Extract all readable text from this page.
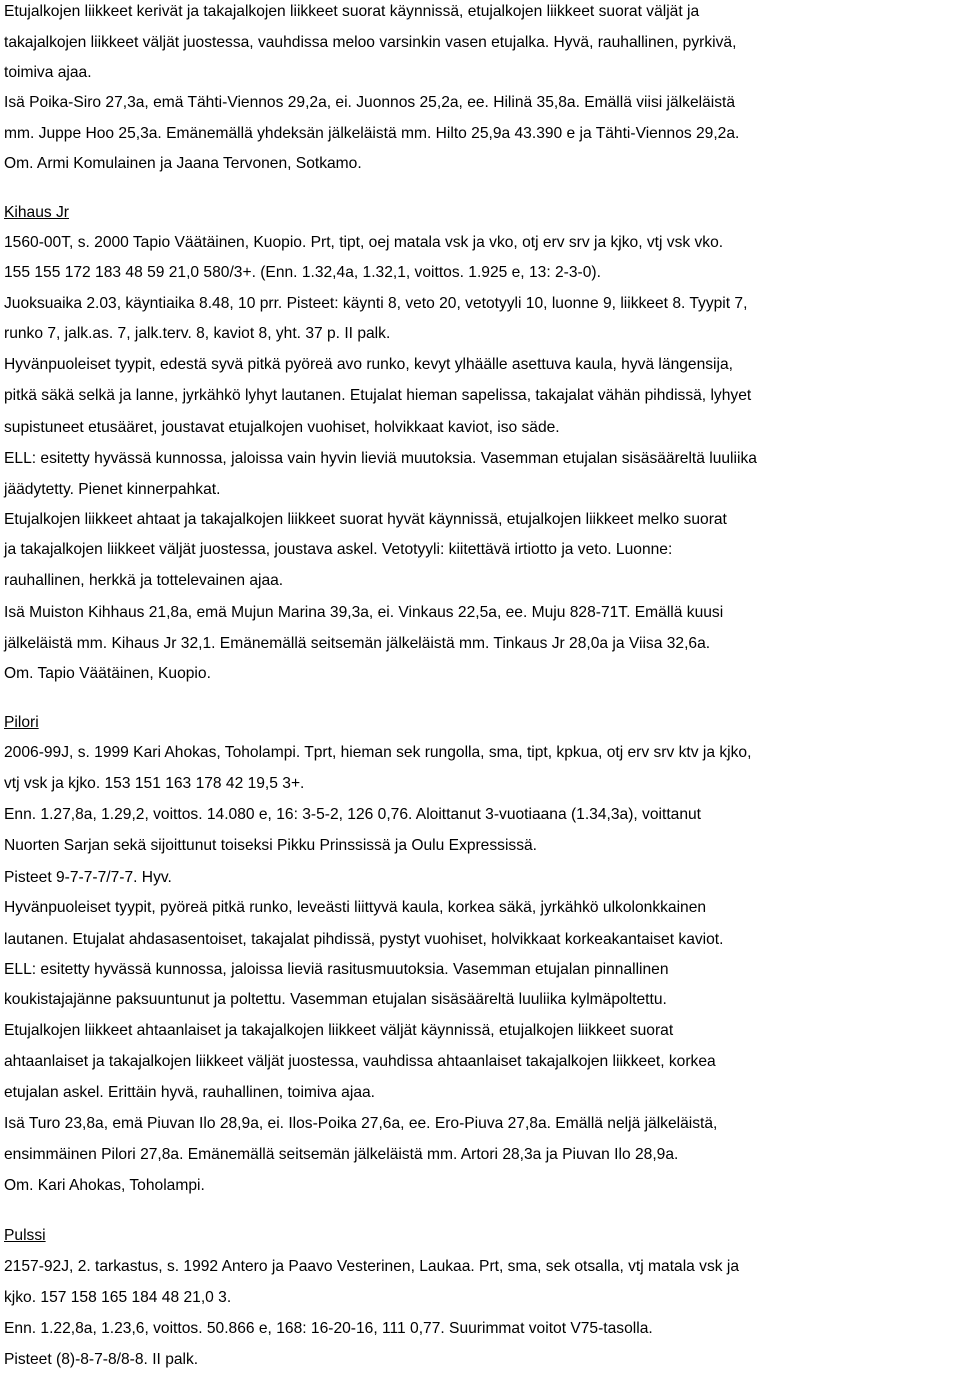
Etujalkojen liikkeet kerivät ja takajalkojen liikkeet suorat käynnissä, etujalkojen liikkeet suorat väljät ja
takajalkojen liikkeet väljät juostessa, vauhdissa meloo varsinkin vasen etujalka. Hyvä, rauhallinen, pyrkivä,
toimiva ajaa.
Isä Poika-Siro 27,3a, emä Tähti-Viennos 29,2a, ei. Juonnos 25,2a, ee. Hilinä 35,8a. Emällä viisi jälkeläistä
mm. Juppe Hoo 25,3a. Emänemällä yhdeksän jälkeläistä mm. Hilto 25,9a 43.390 e ja Tähti-Viennos 29,2a.
Om. Armi Komulainen ja Jaana Tervonen, Sotkamo.
Kihaus Jr
1560-00T, s. 2000 Tapio Väätäinen, Kuopio. Prt, tipt, oej matala vsk ja vko, otj erv srv ja kjko, vtj vsk vko.
155 155 172 183 48 59 21,0 580/3+. (Enn. 1.32,4a, 1.32,1, voittos. 1.925 e, 13: 2-3-0).
Juoksuaika 2.03, käyntiaika 8.48, 10 prr. Pisteet: käynti 8, veto 20, vetotyyli 10, luonne 9, liikkeet 8. Tyypit 7,
runko 7, jalk.as. 7, jalk.terv. 8, kaviot 8, yht. 37 p. II palk.
Hyvänpuoleiset tyypit, edestä syvä pitkä pyöreä avo runko, kevyt ylhäälle asettuva kaula, hyvä längensija,
pitkä säkä selkä ja lanne, jyrkähkö lyhyt lautanen. Etujalat hieman sapelissa, takajalat vähän pihdissä, lyhyet
supistuneet etusääret, joustavat etujalkojen vuohiset, holvikkaat kaviot, iso säde.
ELL: esitetty hyvässä kunnossa, jaloissa vain hyvin lieviä muutoksia. Vasemman etujalan sisäsääreltä luuliika
jäädytetty. Pienet kinnerpahkat.
Etujalkojen liikkeet ahtaat ja takajalkojen liikkeet suorat hyvät käynnissä, etujalkojen liikkeet melko suorat
ja takajalkojen liikkeet väljät juostessa, joustava askel. Vetotyyli: kiitettävä irtiotto ja veto. Luonne:
rauhallinen, herkkä ja tottelevainen ajaa.
Isä Muiston Kihhaus 21,8a, emä Mujun Marina 39,3a, ei. Vinkaus 22,5a, ee. Muju 828-71T. Emällä kuusi
jälkeläistä mm. Kihaus Jr 32,1. Emänemällä seitsemän jälkeläistä mm. Tinkaus Jr 28,0a ja Viisa 32,6a.
Om. Tapio Väätäinen, Kuopio.
Pilori
2006-99J, s. 1999 Kari Ahokas, Toholampi. Tprt, hieman sek rungolla, sma, tipt, kpkua, otj erv srv ktv ja kjko,
vtj vsk ja kjko. 153 151 163 178 42 19,5 3+.
Enn. 1.27,8a, 1.29,2, voittos. 14.080 e, 16: 3-5-2, 126 0,76. Aloittanut 3-vuotiaana (1.34,3a), voittanut
Nuorten Sarjan sekä sijoittunut toiseksi Pikku Prinssissä ja Oulu Expressissä.
Pisteet 9-7-7-7/7-7. Hyv.
Hyvänpuoleiset tyypit, pyöreä pitkä runko, leveästi liittyvä kaula, korkea säkä, jyrkähkö ulkolonkkainen
lautanen. Etujalat ahdasasentoiset, takajalat pihdissä, pystyt vuohiset, holvikkaat korkeakantaiset kaviot.
ELL: esitetty hyvässä kunnossa, jaloissa lieviä rasitusmuutoksia. Vasemman etujalan pinnallinen
koukistajajänne paksuuntunut ja poltettu. Vasemman etujalan sisäsääreltä luuliika kylmäpoltettu.
Etujalkojen liikkeet ahtaanlaiset ja takajalkojen liikkeet väljät käynnissä, etujalkojen liikkeet suorat
ahtaanlaiset ja takajalkojen liikkeet väljät juostessa, vauhdissa ahtaanlaiset takajalkojen liikkeet, korkea
etujalan askel. Erittäin hyvä, rauhallinen, toimiva ajaa.
Isä Turo 23,8a, emä Piuvan Ilo 28,9a, ei. Ilos-Poika 27,6a, ee. Ero-Piuva 27,8a. Emällä neljä jälkeläistä,
ensimmäinen Pilori 27,8a. Emänemällä seitsemän jälkeläistä mm. Artori 28,3a ja Piuvan Ilo 28,9a.
Om. Kari Ahokas, Toholampi.
Pulssi
2157-92J, 2. tarkastus, s. 1992 Antero ja Paavo Vesterinen, Laukaa. Prt, sma, sek otsalla, vtj matala vsk ja
kjko. 157 158 165 184 48 21,0 3.
Enn. 1.22,8a, 1.23,6, voittos. 50.866 e, 168: 16-20-16, 111 0,77. Suurimmat voitot V75-tasolla.
Pisteet (8)-8-7-8/8-8. II palk.
